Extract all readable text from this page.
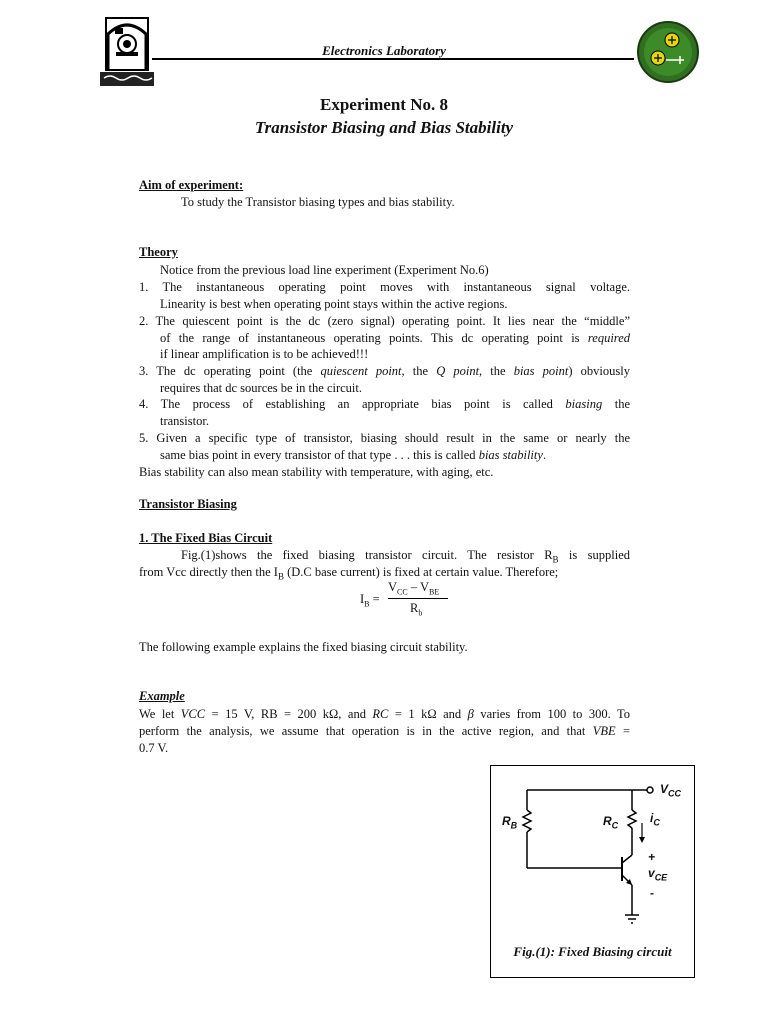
Electronics Laboratory
Experiment No. 8
Transistor Biasing and Bias Stability
Aim of experiment:
To study the Transistor biasing types and bias stability.
Theory
Notice from the previous load line experiment (Experiment No.6)
1. The instantaneous operating point moves with instantaneous signal voltage.
Linearity is best when operating point stays within the active regions.
2. The quiescent point is the dc (zero signal) operating point. It lies near the “middle”
of the range of instantaneous operating points. This dc operating point is required
if linear amplification is to be achieved!!!
3. The dc operating point (the quiescent point, the Q point, the bias point) obviously
requires that dc sources be in the circuit.
4. The process of establishing an appropriate bias point is called biasing the
transistor.
5. Given a specific type of transistor, biasing should result in the same or nearly the
same bias point in every transistor of that type . . . this is called bias stability.
Bias stability can also mean stability with temperature, with aging, etc.
Transistor Biasing
1. The Fixed Bias Circuit
Fig.(1)shows the fixed biasing transistor circuit. The resistor $R_B$ is supplied
from Vcc directly then the $I_B$ (D.C base current) is fixed at certain value. Therefore;
$I_B$ =
$V_{CC} - V_{BE}$
$R_b$
The following example explains the fixed biasing circuit stability.
Example
We let VCC = 15 V, RB = 200 kΩ, and RC = 1 kΩ and β varies from 100 to 300. To
perform the analysis, we assume that operation is in the active region, and that VBE =
0.7 V.
$V_{CC}$
$R_B$	$R_C$
$i_C$
+
$v_{CE}$
-
Fig.(1): Fixed Biasing circuit
